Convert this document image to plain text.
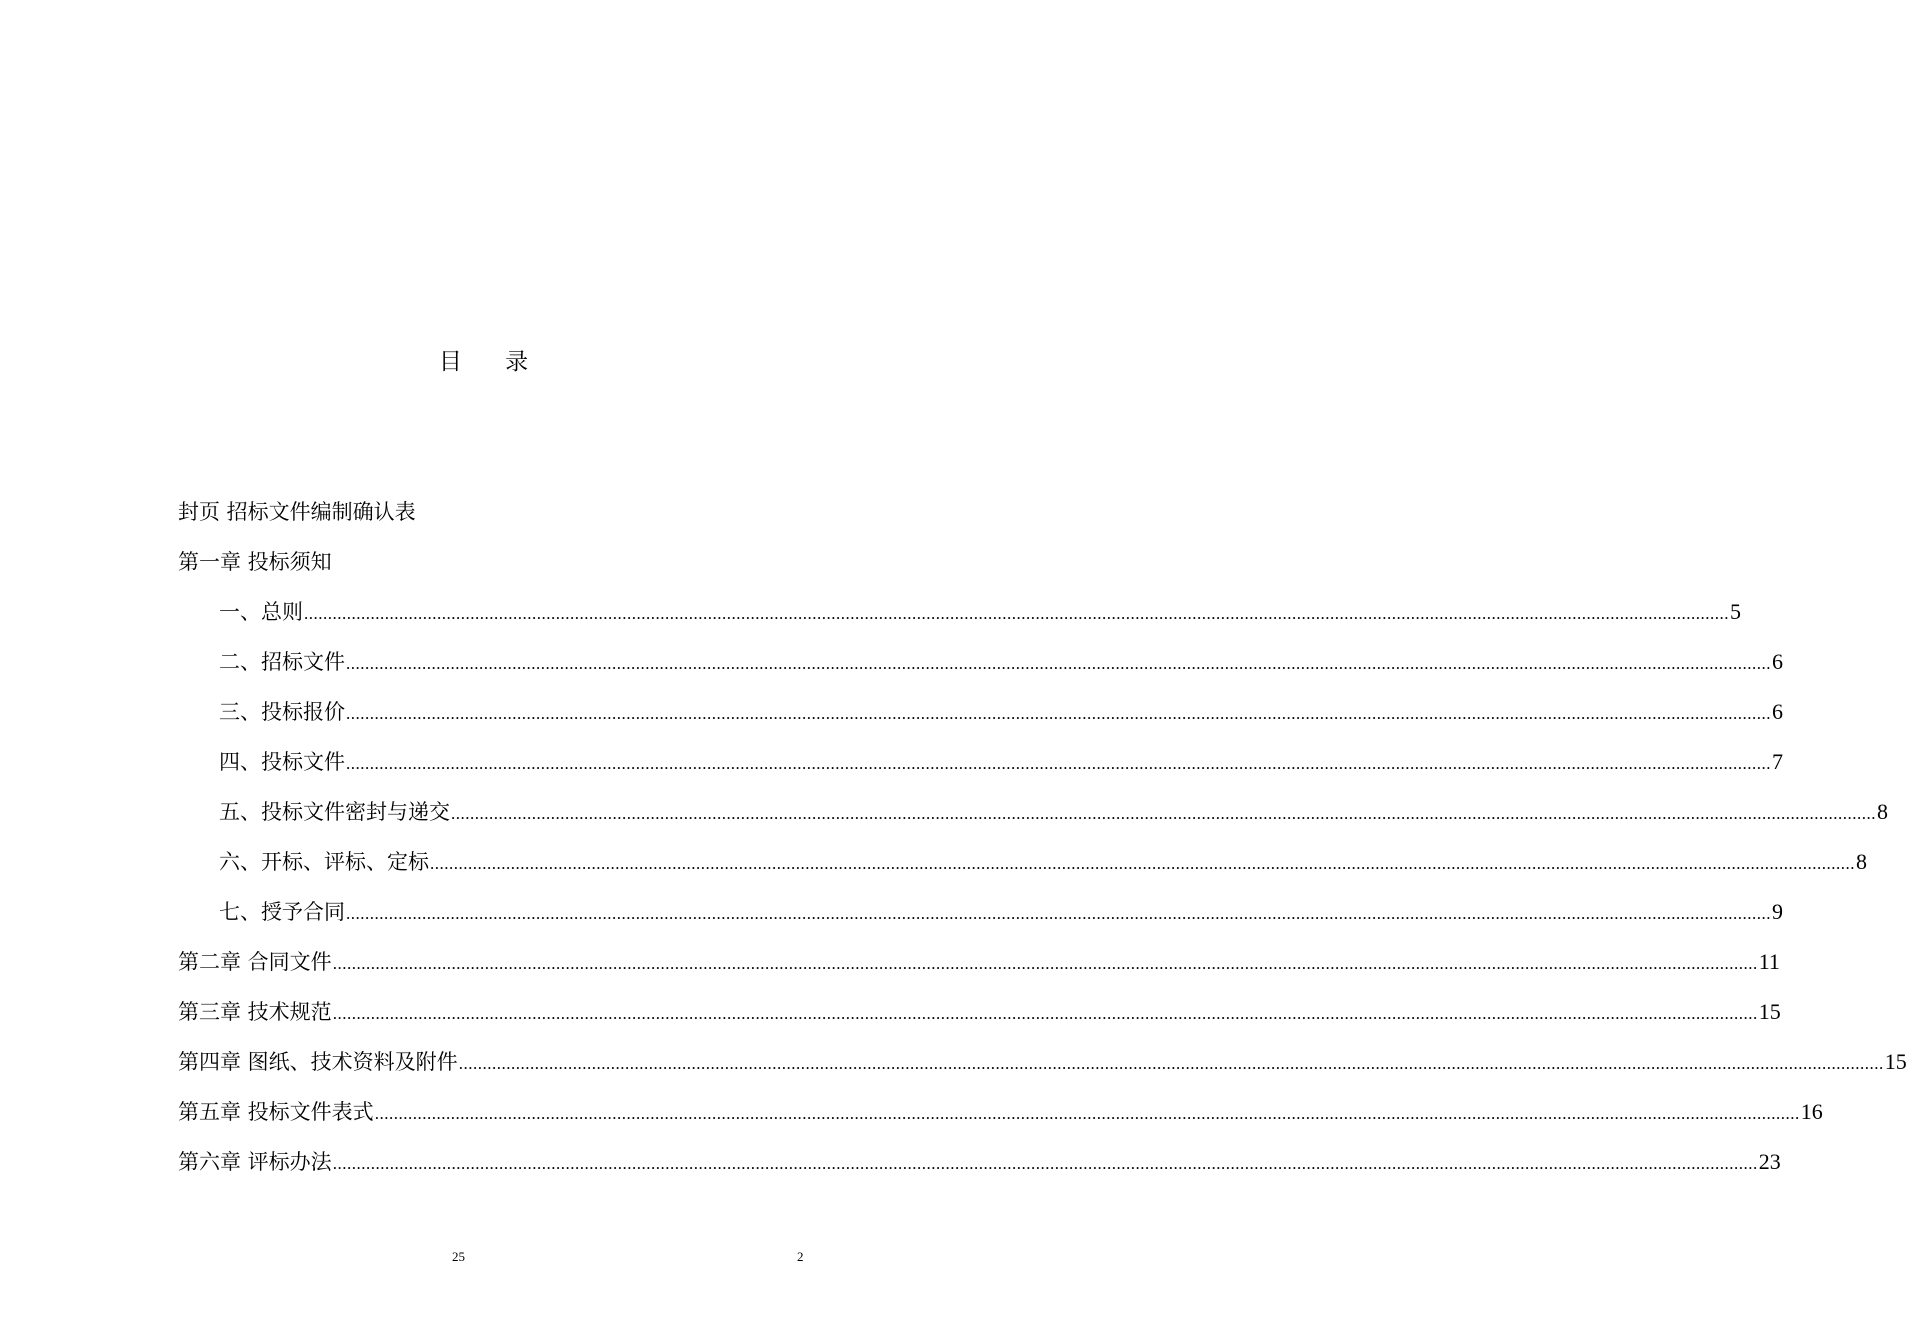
目 录
封页 招标文件编制确认表
第一章 投标须知
一、总则 ............................................................................................................................................................................................................................................................................................................ 5
二、招标文件 ............................................................................................................................................................................................................................................................................................................ 6
三、投标报价 ............................................................................................................................................................................................................................................................................................................ 6
四、投标文件 ............................................................................................................................................................................................................................................................................................................ 7
五、投标文件密封与递交 ............................................................................................................................................................................................................................................................................................................ 8
六、开标、评标、定标 ............................................................................................................................................................................................................................................................................................................ 8
七、授予合同 ............................................................................................................................................................................................................................................................................................................ 9
第二章 合同文件 ............................................................................................................................................................................................................................................................................................................ 11
第三章 技术规范 ............................................................................................................................................................................................................................................................................................................ 15
第四章 图纸、技术资料及附件 ............................................................................................................................................................................................................................................................................................................ 15
第五章 投标文件表式 ............................................................................................................................................................................................................................................................................................................ 16
第六章 评标办法 ............................................................................................................................................................................................................................................................................................................ 23
25	2
